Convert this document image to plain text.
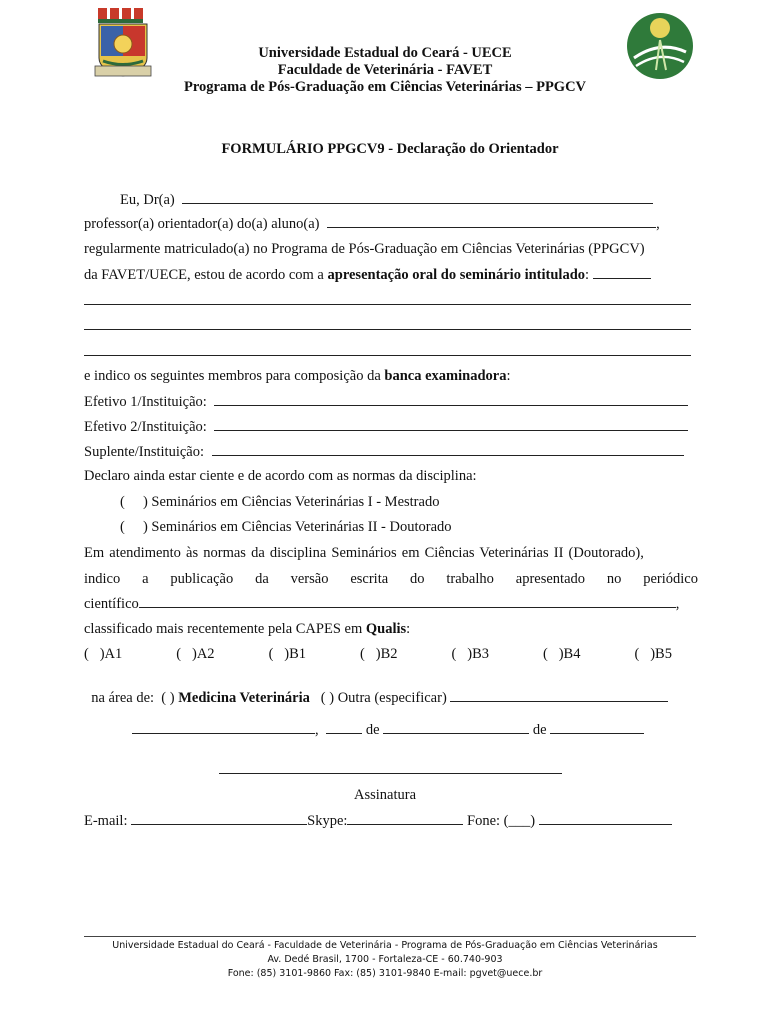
Universidade Estadual do Ceará - UECE
Faculdade de Veterinária - FAVET
Programa de Pós-Graduação em Ciências Veterinárias – PPGCV
FORMULÁRIO PPGCV9 - Declaração do Orientador
Eu, Dr(a)
professor(a) orientador(a) do(a) aluno(a)	,
regularmente matriculado(a) no Programa de Pós-Graduação em Ciências Veterinárias (PPGCV)
da FAVET/UECE, estou de acordo com a apresentação oral do seminário intitulado:
e indico os seguintes membros para composição da banca examinadora:
Efetivo 1/Instituição:
Efetivo 2/Instituição:
Suplente/Instituição:
Declaro ainda estar ciente e de acordo com as normas da disciplina:
(     ) Seminários em Ciências Veterinárias I - Mestrado
(     ) Seminários em Ciências Veterinárias II - Doutorado
Em atendimento às normas da disciplina Seminários em Ciências Veterinárias II (Doutorado),
indico a publicação da versão escrita do trabalho apresentado no periódico
científico	,
classificado mais recentemente pela CAPES em Qualis:
(   )A1	(   )A2	(   )B1	(   )B2	(   )B3	(   )B4	(   )B5

na área de:  ( ) Medicina Veterinária   ( ) Outra (especificar)

,	de	de
Assinatura
E-mail:	Skype:	Fone: (___)
Universidade Estadual do Ceará - Faculdade de Veterinária - Programa de Pós-Graduação em Ciências Veterinárias
Av. Dedé Brasil, 1700 - Fortaleza-CE - 60.740-903
Fone: (85) 3101-9860 Fax: (85) 3101-9840 E-mail: pgvet@uece.br
